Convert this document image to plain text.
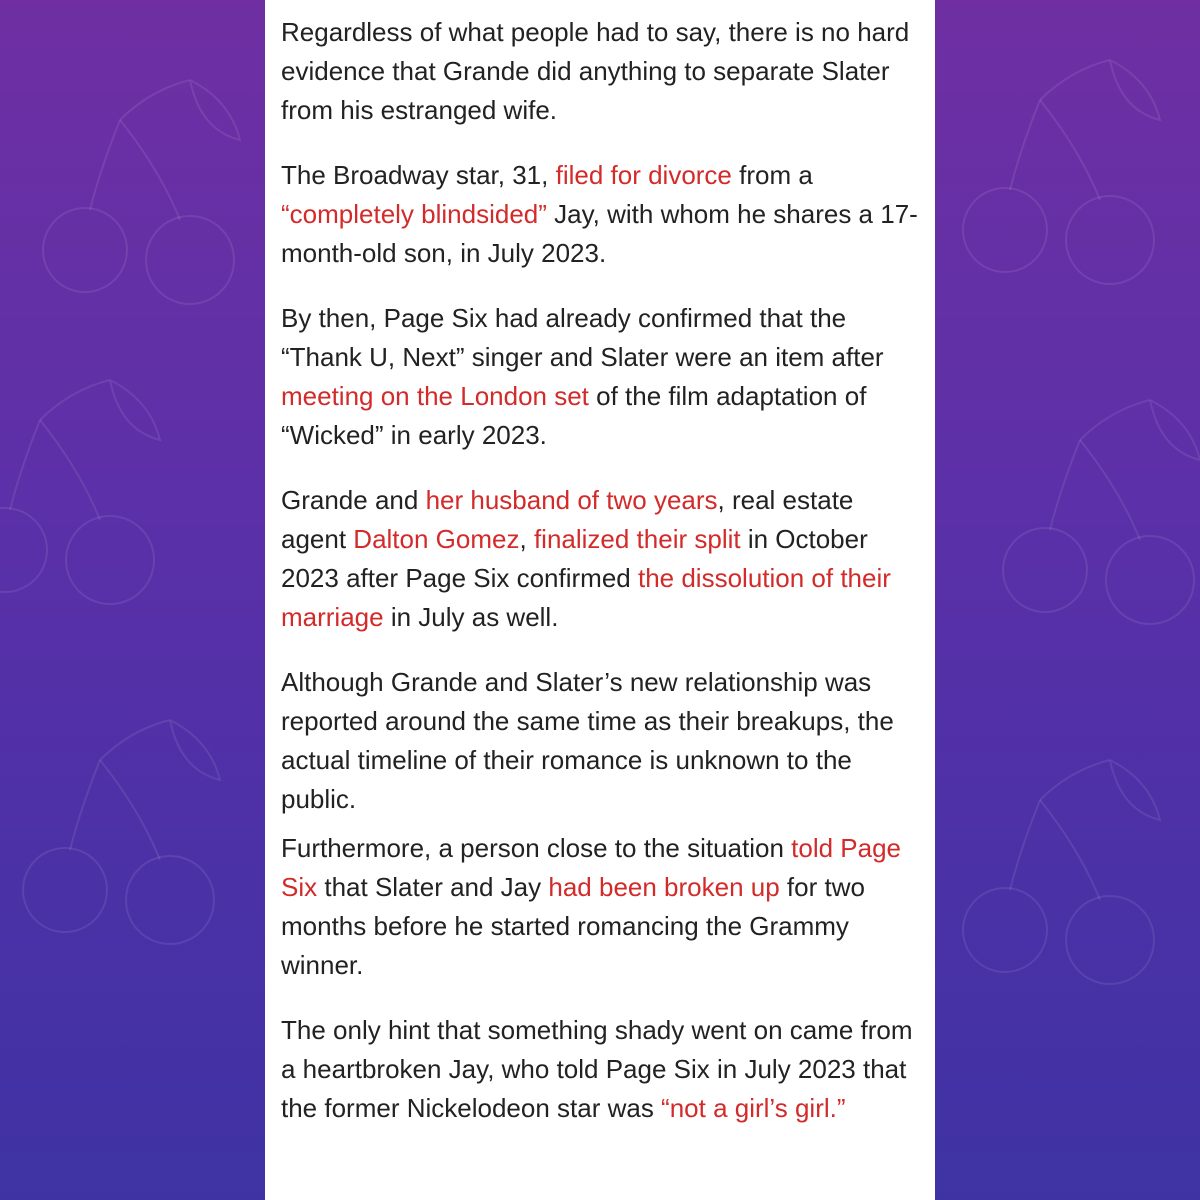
Regardless of what people had to say, there is no hard evidence that Grande did anything to separate Slater from his estranged wife.

The Broadway star, 31, filed for divorce from a “completely blindsided” Jay, with whom he shares a 17-month-old son, in July 2023.

By then, Page Six had already confirmed that the “Thank U, Next” singer and Slater were an item after meeting on the London set of the film adaptation of “Wicked” in early 2023.

Grande and her husband of two years, real estate agent Dalton Gomez, finalized their split in October 2023 after Page Six confirmed the dissolution of their marriage in July as well.

Although Grande and Slater’s new relationship was reported around the same time as their breakups, the actual timeline of their romance is unknown to the public.

Furthermore, a person close to the situation told Page Six that Slater and Jay had been broken up for two months before he started romancing the Grammy winner.

The only hint that something shady went on came from a heartbroken Jay, who told Page Six in July 2023 that the former Nickelodeon star was “not a girl’s girl.”
